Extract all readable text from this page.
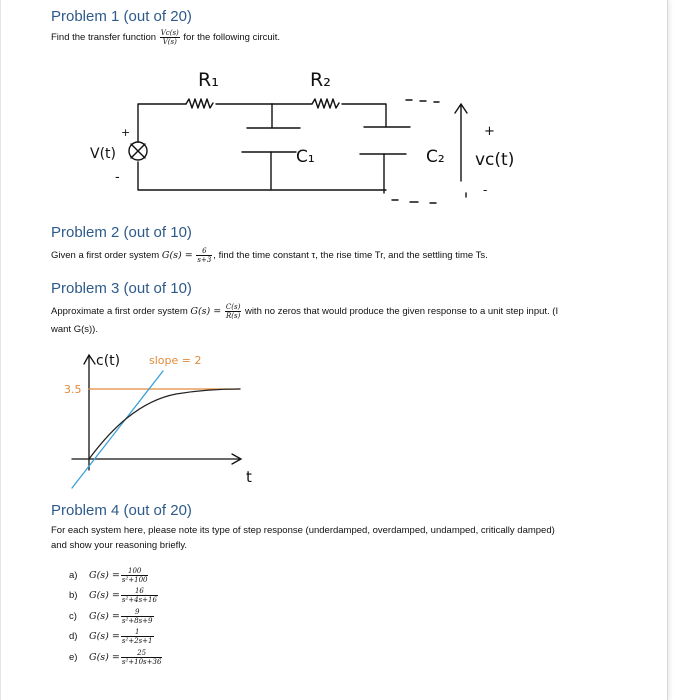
Problem 1 (out of 20)
Find the transfer function $\frac{Vc(s)}{V(s)}$ for the following circuit.
R₁	R₂
V(t)
+
-
C₁	C₂ vc(t)
+
-
Problem 2 (out of 10)
Given a first order system $G(s) = \frac{6}{s+3}$ , find the time constant τ, the rise time Tr, and the settling time Ts.
Problem 3 (out of 10)
Approximate a first order system $G(s) = \frac{C(s)}{R(s)}$ with no zeros that would produce the given response to a unit step input. (I
want G(s)).
c(t)
t
slope = 2
3.5
Problem 4 (out of 20)
For each system here, please note its type of step response (underdamped, overdamped, undamped, critically damped)
and show your reasoning briefly.
a)	$G(s) = \frac{100}{\text{s²+100}}$
b)	$G(s) = \frac{16}{\text{s²+4s+16}}$
c)	$G(s) = \frac{9}{\text{s²+8s+9}}$
d)	$G(s) = \frac{1}{\text{s²+2s+1}}$
e)	$G(s) = \frac{25}{\text{s²+10s+36}}$
